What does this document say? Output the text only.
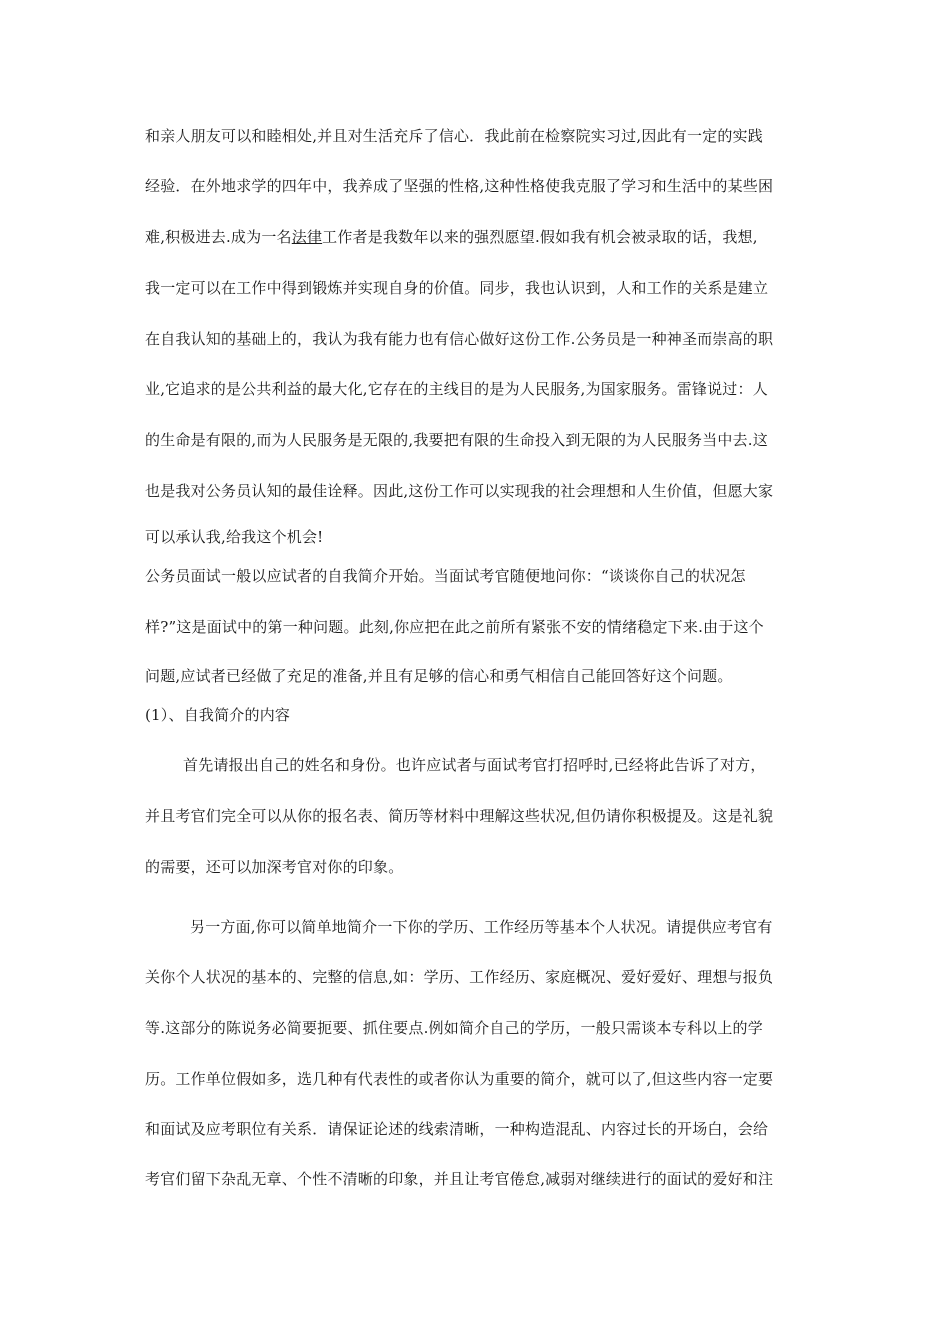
和亲人朋友可以和睦相处,并且对生活充斥了信心．我此前在检察院实习过,因此有一定的实践
经验．在外地求学的四年中，我养成了坚强的性格,这种性格使我克服了学习和生活中的某些困
难,积极进去.成为一名法律工作者是我数年以来的强烈愿望.假如我有机会被录取的话，我想,
我一定可以在工作中得到锻炼并实现自身的价值。同步，我也认识到，人和工作的关系是建立
在自我认知的基础上的，我认为我有能力也有信心做好这份工作.公务员是一种神圣而崇高的职
业,它追求的是公共利益的最大化,它存在的主线目的是为人民服务,为国家服务。雷锋说过：人
的生命是有限的,而为人民服务是无限的,我要把有限的生命投入到无限的为人民服务当中去.这
也是我对公务员认知的最佳诠释。因此,这份工作可以实现我的社会理想和人生价值，但愿大家
可以承认我,给我这个机会!
公务员面试一般以应试者的自我简介开始。当面试考官随便地问你：“谈谈你自己的状况怎
样?”这是面试中的第一种问题。此刻,你应把在此之前所有紧张不安的情绪稳定下来.由于这个
问题,应试者已经做了充足的准备,并且有足够的信心和勇气相信自己能回答好这个问题。
(1）、自我简介的内容
首先请报出自己的姓名和身份。也许应试者与面试考官打招呼时,已经将此告诉了对方，
并且考官们完全可以从你的报名表、简历等材料中理解这些状况,但仍请你积极提及。这是礼貌
的需要，还可以加深考官对你的印象。
另一方面,你可以简单地简介一下你的学历、工作经历等基本个人状况。请提供应考官有
关你个人状况的基本的、完整的信息,如：学历、工作经历、家庭概况、爱好爱好、理想与报负
等.这部分的陈说务必简要扼要、抓住要点.例如简介自己的学历，一般只需谈本专科以上的学
历。工作单位假如多，选几种有代表性的或者你认为重要的简介，就可以了,但这些内容一定要
和面试及应考职位有关系．请保证论述的线索清晰，一种构造混乱、内容过长的开场白，会给
考官们留下杂乱无章、个性不清晰的印象，并且让考官倦怠,减弱对继续进行的面试的爱好和注
